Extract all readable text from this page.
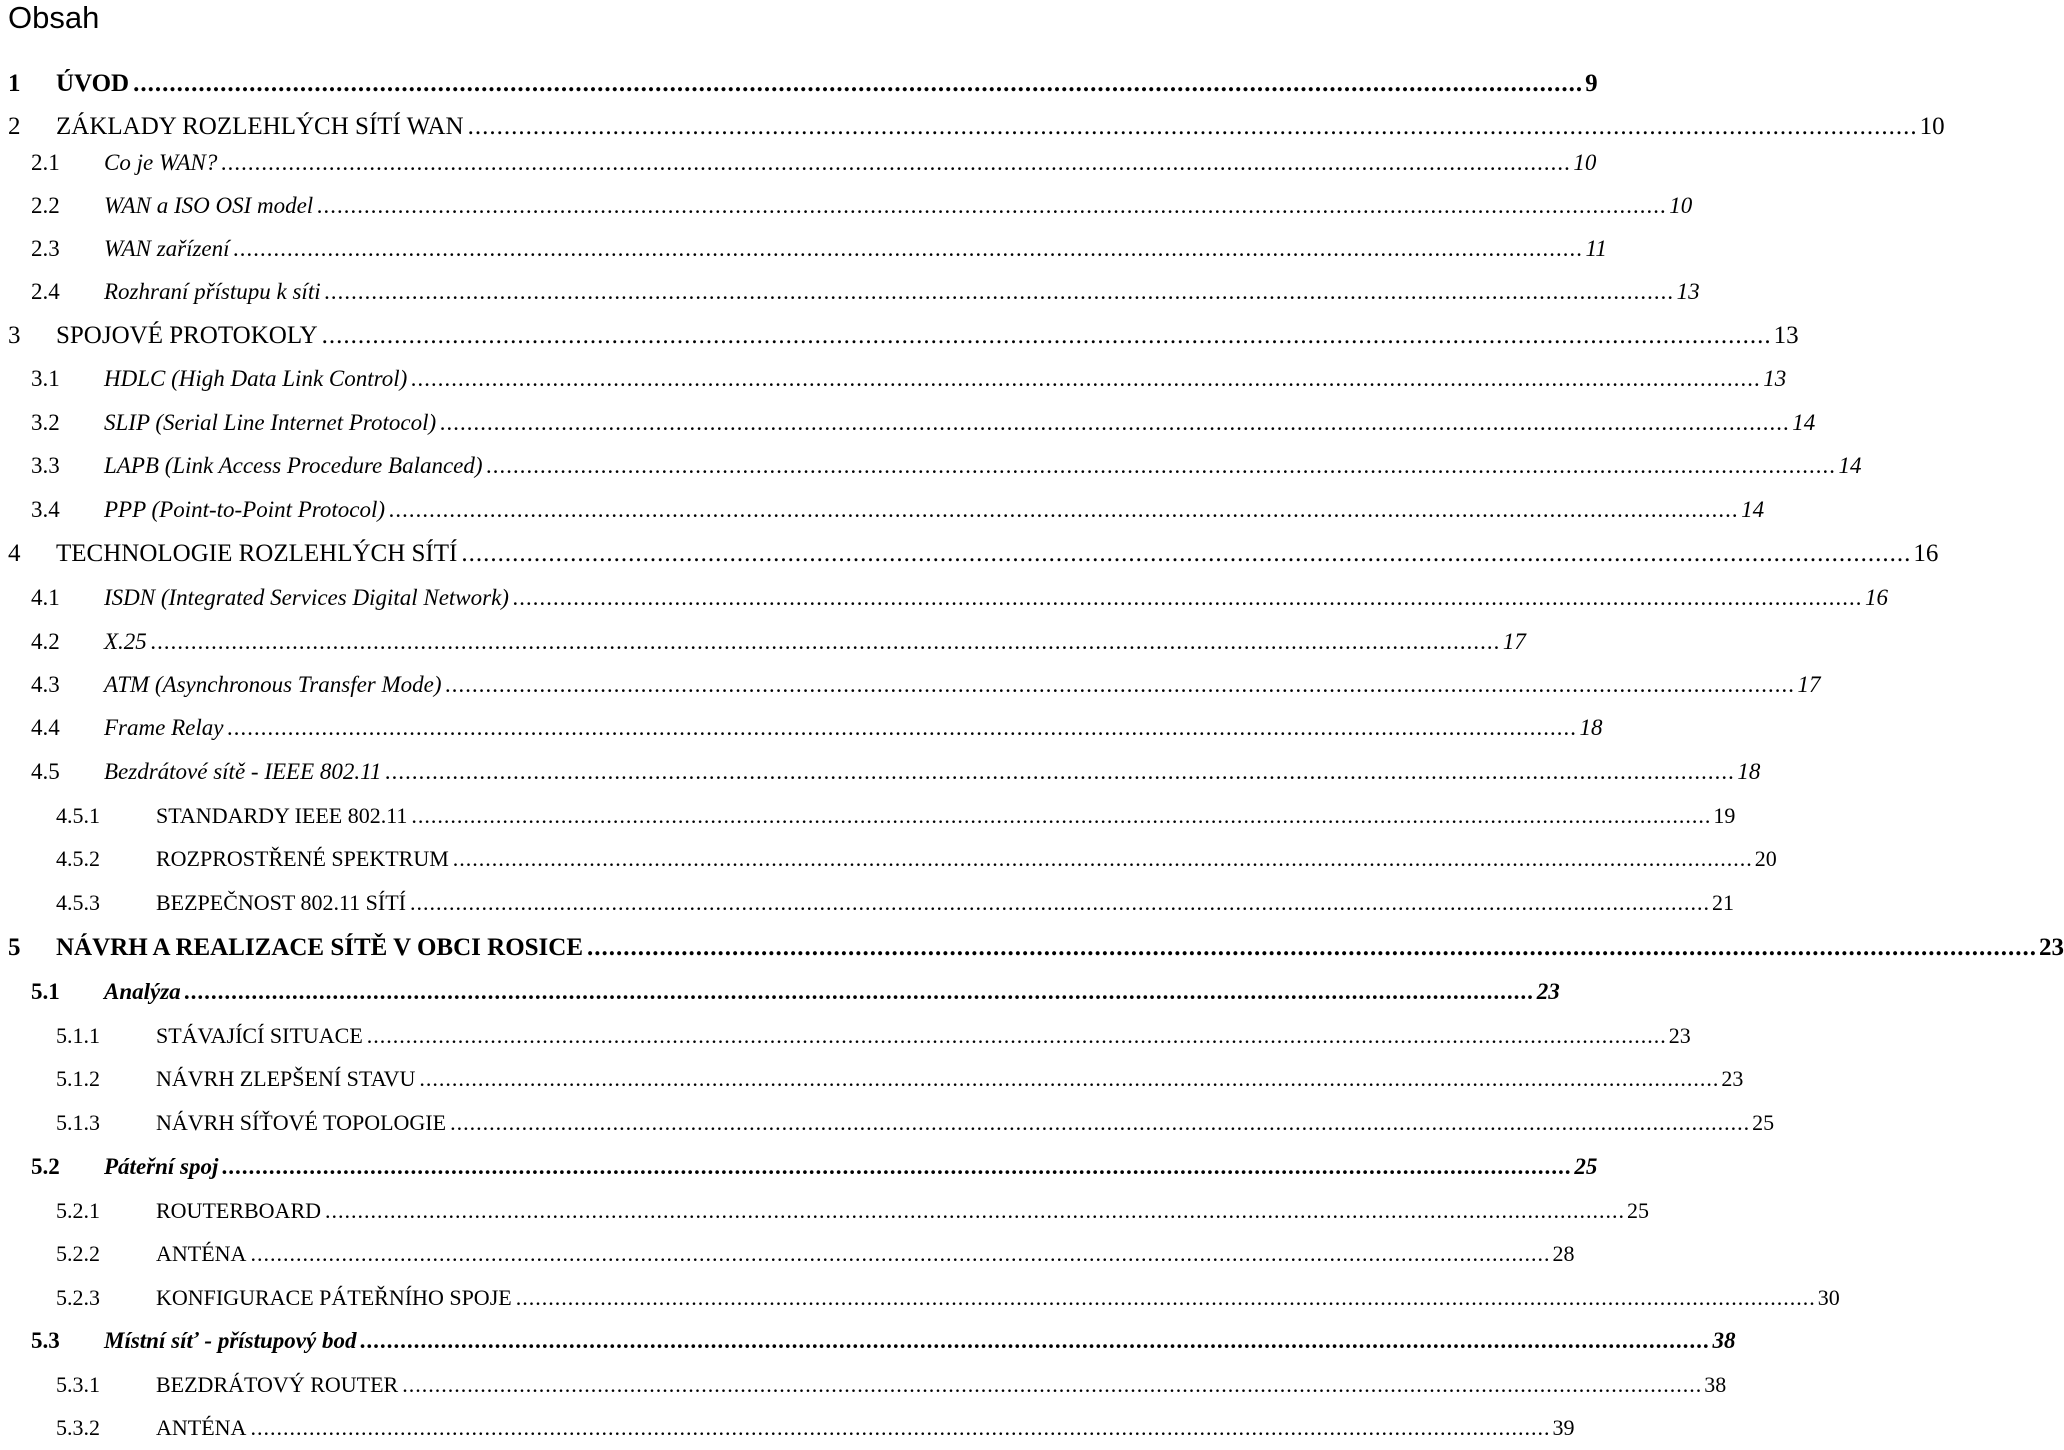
Obsah
1 ÚVOD ........................................................................................................................................................................................................ 9
2 ZÁKLADY ROZLEHLÝCH SÍTÍ WAN ........................................................................................................................................................................................................ 10
2.1 Co je WAN? ........................................................................................................................................................................................................ 10
2.2 WAN a ISO OSI model ........................................................................................................................................................................................................ 10
2.3 WAN zařízení ........................................................................................................................................................................................................ 11
2.4 Rozhraní přístupu k síti ........................................................................................................................................................................................................ 13
3 SPOJOVÉ PROTOKOLY ........................................................................................................................................................................................................ 13
3.1 HDLC (High Data Link Control) ........................................................................................................................................................................................................ 13
3.2 SLIP (Serial Line Internet Protocol) ........................................................................................................................................................................................................ 14
3.3 LAPB (Link Access Procedure Balanced) ........................................................................................................................................................................................................ 14
3.4 PPP (Point-to-Point Protocol) ........................................................................................................................................................................................................ 14
4 TECHNOLOGIE ROZLEHLÝCH SÍTÍ ........................................................................................................................................................................................................ 16
4.1 ISDN (Integrated Services Digital Network) ........................................................................................................................................................................................................ 16
4.2 X.25 ........................................................................................................................................................................................................ 17
4.3 ATM (Asynchronous Transfer Mode) ........................................................................................................................................................................................................ 17
4.4 Frame Relay ........................................................................................................................................................................................................ 18
4.5 Bezdrátové sítě - IEEE 802.11 ........................................................................................................................................................................................................ 18
4.5.1	STANDARDY IEEE 802.11 ........................................................................................................................................................................................................ 19
4.5.2	ROZPROSTŘENÉ SPEKTRUM ........................................................................................................................................................................................................ 20
4.5.3	BEZPEČNOST 802.11 SÍTÍ ........................................................................................................................................................................................................ 21
5 NÁVRH A REALIZACE SÍTĚ V OBCI ROSICE ........................................................................................................................................................................................................ 23
5.1 Analýza ........................................................................................................................................................................................................ 23
5.1.1	STÁVAJÍCÍ SITUACE ........................................................................................................................................................................................................ 23
5.1.2	NÁVRH ZLEPŠENÍ STAVU ........................................................................................................................................................................................................ 23
5.1.3	NÁVRH SÍŤOVÉ TOPOLOGIE ........................................................................................................................................................................................................ 25
5.2 Páteřní spoj ........................................................................................................................................................................................................ 25
5.2.1	ROUTERBOARD ........................................................................................................................................................................................................ 25
5.2.2	ANTÉNA ........................................................................................................................................................................................................ 28
5.2.3	KONFIGURACE PÁTEŘNÍHO SPOJE ........................................................................................................................................................................................................ 30
5.3 Místní síť - přístupový bod ........................................................................................................................................................................................................ 38
5.3.1	BEZDRÁTOVÝ ROUTER ........................................................................................................................................................................................................ 38
5.3.2	ANTÉNA ........................................................................................................................................................................................................ 39
